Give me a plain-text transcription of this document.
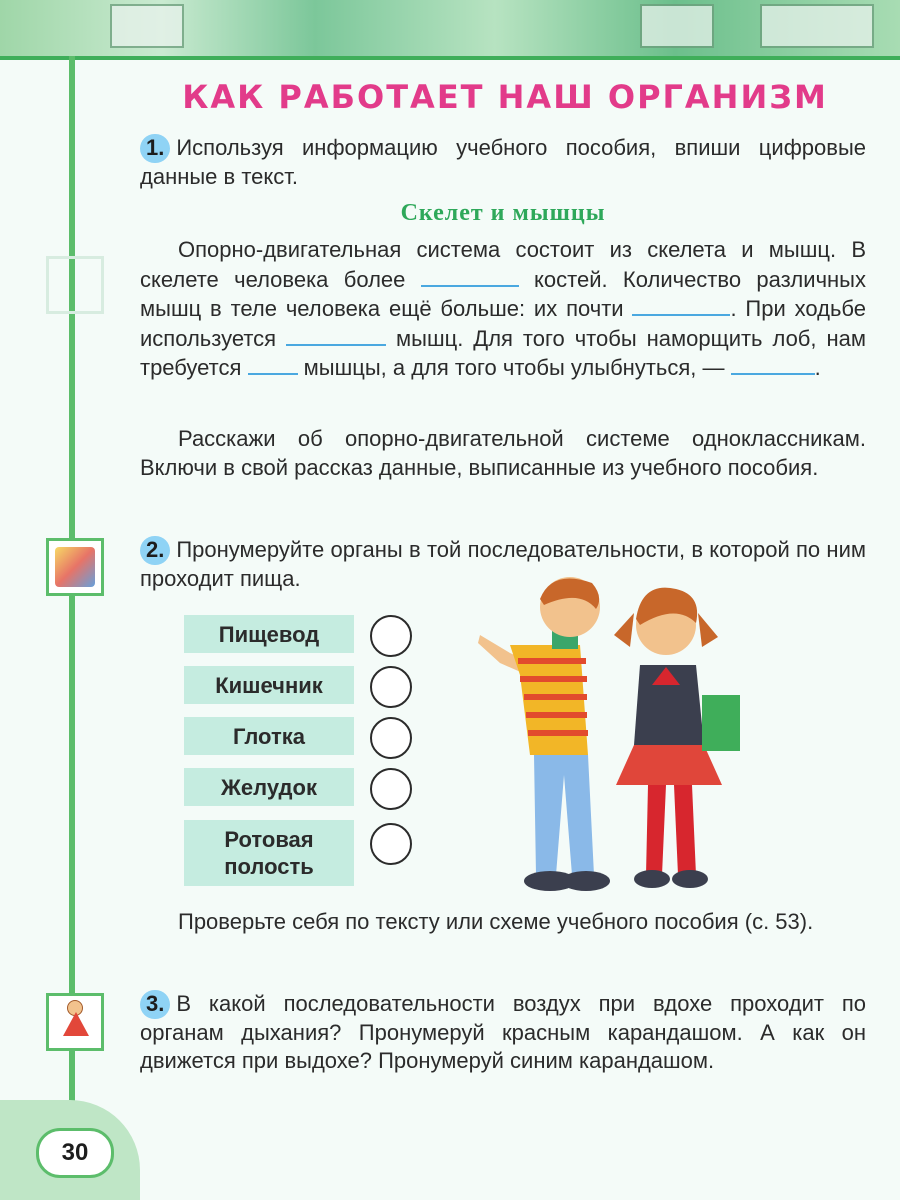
КАК РАБОТАЕТ НАШ ОРГАНИЗМ

1. Используя информацию учебного пособия, впиши цифровые данные в текст.

Скелет и мышцы

Опорно-двигательная система состоит из скелета и мышц. В скелете человека более	костей. Количество различных мышц в теле человека ещё больше: их почти	. При ходьбе используется	мышц. Для того чтобы наморщить лоб, нам требуется  мышцы, а для того чтобы улыбнуться, —	.

Расскажи об опорно-двигательной системе одноклассникам. Включи в свой рассказ данные, выписанные из учебного пособия.

2. Пронумеруйте органы в той последовательности, в которой по ним проходит пища.

Пищевод
Кишечник
Глотка
Желудок
Ротовая полость

Проверьте себя по тексту или схеме учебного пособия (с. 53).

3. В какой последовательности воздух при вдохе проходит по органам дыхания? Пронумеруй красным карандашом. А как он движется при выдохе? Пронумеруй синим карандашом.

30
